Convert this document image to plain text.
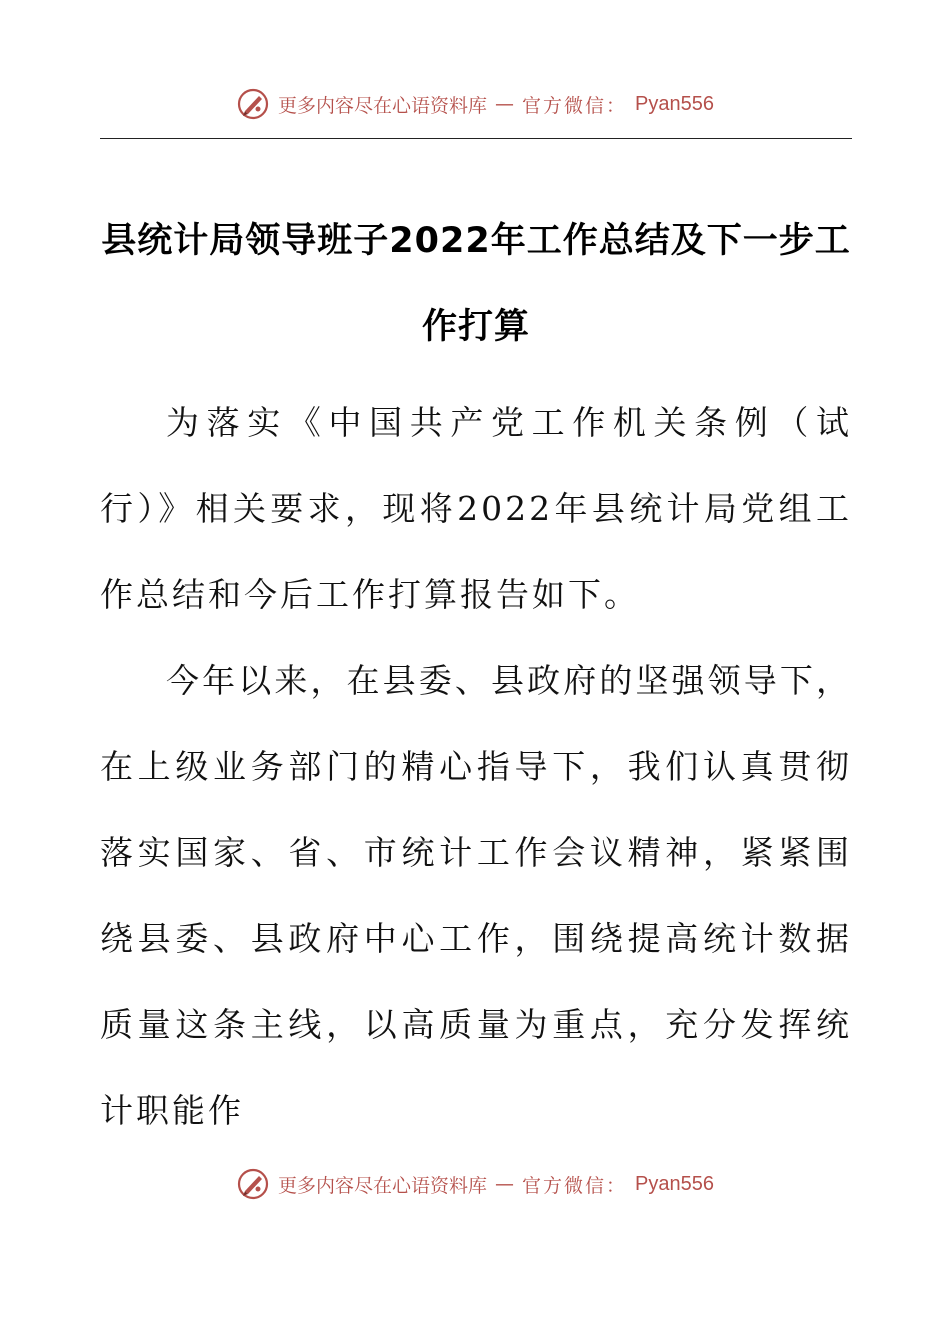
更多内容尽在心语资料库 — 官方微信： Pyan556
县统计局领导班子2022年工作总结及下一步工作打算

为落实《中国共产党工作机关条例（试行）》相关要求，现将2022年县统计局党组工作总结和今后工作打算报告如下。

今年以来，在县委、县政府的坚强领导下，在上级业务部门的精心指导下，我们认真贯彻落实国家、省、市统计工作会议精神，紧紧围绕县委、县政府中心工作，围绕提高统计数据质量这条主线，以高质量为重点，充分发挥统计职能作

更多内容尽在心语资料库 — 官方微信： Pyan556
